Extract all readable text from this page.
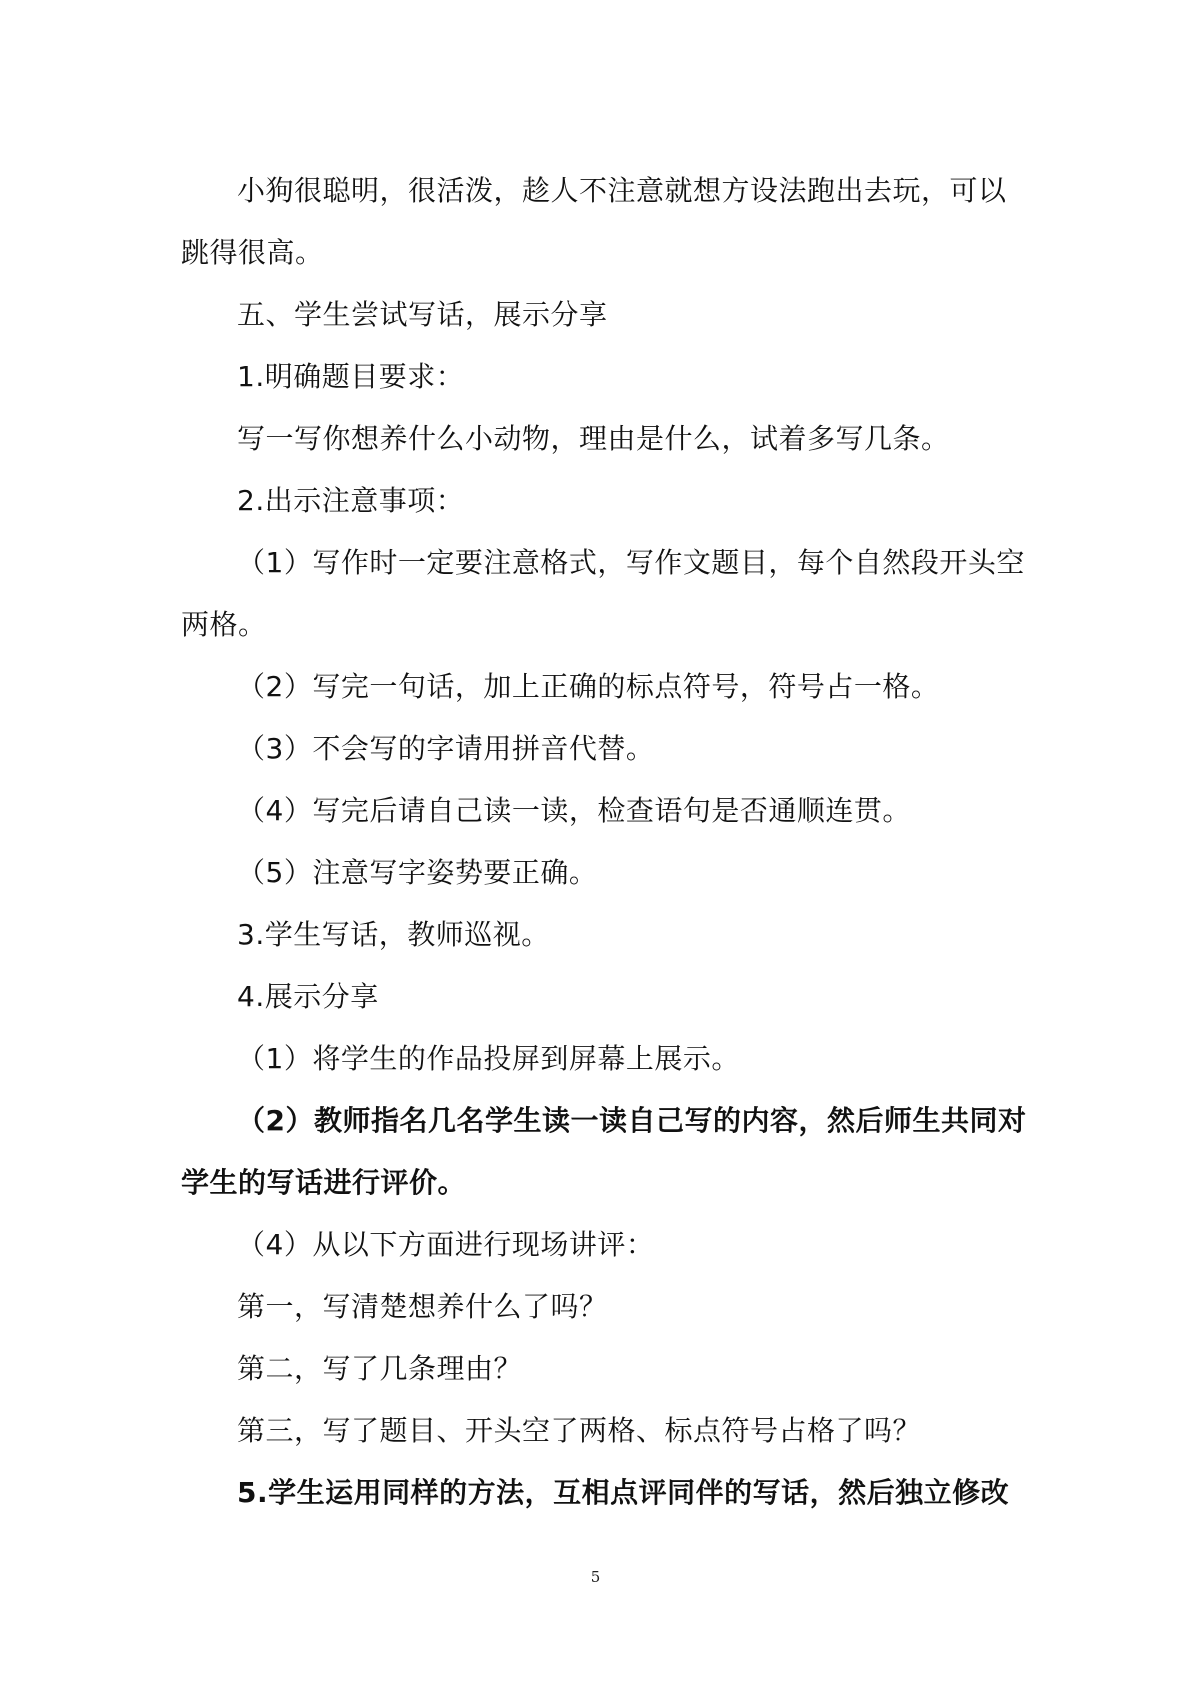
小狗很聪明，很活泼，趁人不注意就想方设法跑出去玩，可以

跳得很高。

五、学生尝试写话，展示分享

1.明确题目要求：

写一写你想养什么小动物，理由是什么，试着多写几条。

2.出示注意事项：

（1）写作时一定要注意格式，写作文题目，每个自然段开头空

两格。

（2）写完一句话，加上正确的标点符号，符号占一格。

（3）不会写的字请用拼音代替。

（4）写完后请自己读一读，检查语句是否通顺连贯。

（5）注意写字姿势要正确。

3.学生写话，教师巡视。

4.展示分享

（1）将学生的作品投屏到屏幕上展示。

（2）教师指名几名学生读一读自己写的内容，然后师生共同对

学生的写话进行评价。

（4）从以下方面进行现场讲评：

第一，写清楚想养什么了吗？

第二，写了几条理由？

第三，写了题目、开头空了两格、标点符号占格了吗？

5.学生运用同样的方法，互相点评同伴的写话，然后独立修改

5
